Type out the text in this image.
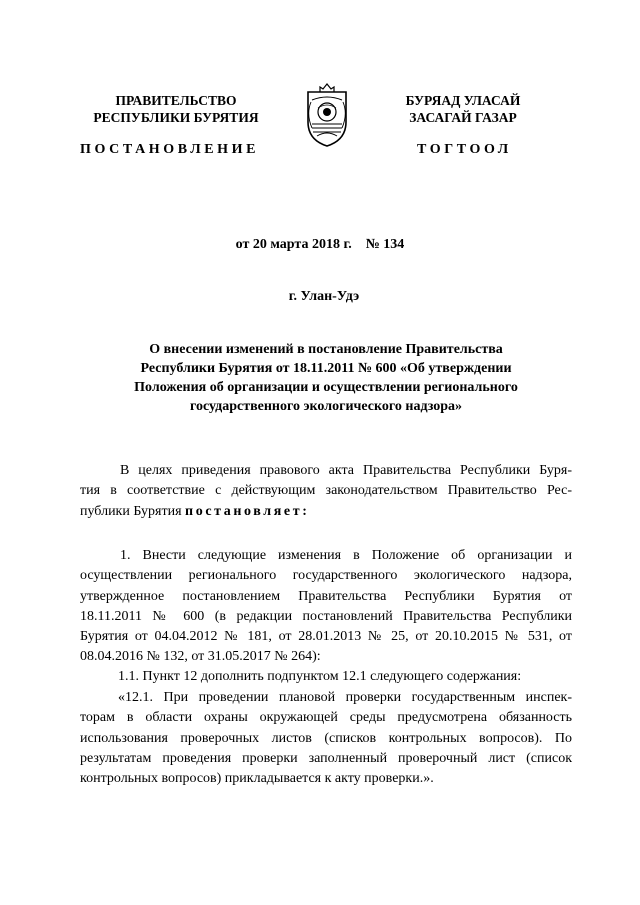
ПРАВИТЕЛЬСТВО
РЕСПУБЛИКИ БУРЯТИЯ
ПОСТАНОВЛЕНИЕ
БУРЯАД УЛАСАЙ
ЗАСАГАЙ ГАЗАР
ТОГТООЛ
от 20 марта 2018 г. № 134
г. Улан-Удэ
О внесении изменений в постановление Правительства
Республики Бурятия от 18.11.2011 № 600 «Об утверждении
Положения об организации и осуществлении регионального
государственного экологического надзора»
В целях приведения правового акта Правительства Республики Буря-
тия в соответствие с действующим законодательством Правительство Рес-
публики Бурятия постановляет:
1. Внести следующие изменения в Положение об организации и
осуществлении регионального государственного экологического надзора,
утвержденное постановлением Правительства Республики Бурятия от
18.11.2011 № 600 (в редакции постановлений Правительства Республики
Бурятия от 04.04.2012 № 181, от 28.01.2013 № 25, от 20.10.2015 № 531, от
08.04.2016 № 132, от 31.05.2017 № 264):
1.1. Пункт 12 дополнить подпунктом 12.1 следующего содержания:
«12.1. При проведении плановой проверки государственным инспек-
торам в области охраны окружающей среды предусмотрена обязанность
использования проверочных листов (списков контрольных вопросов). По
результатам проведения проверки заполненный проверочный лист (список
контрольных вопросов) прикладывается к акту проверки.».
